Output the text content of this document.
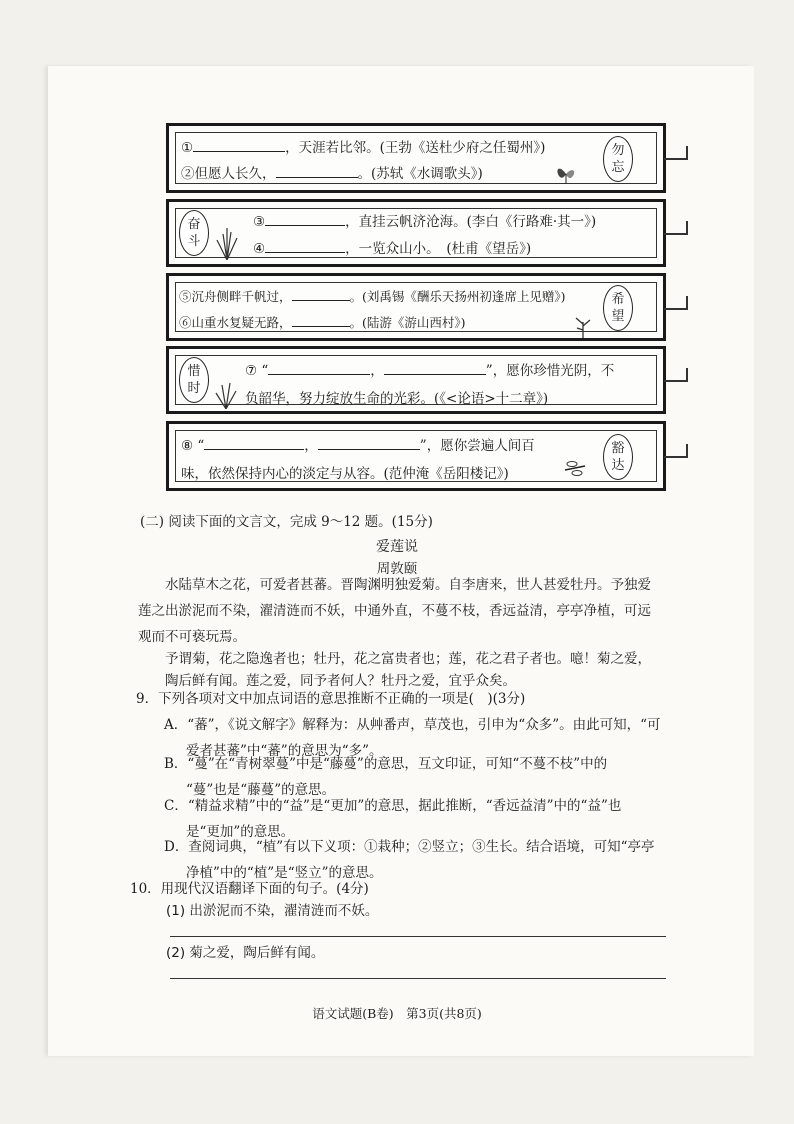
①	，天涯若比邻。(王勃《送杜少府之任蜀州》)
②但愿人长久，	。(苏轼《水调歌头》)
勿
忘
奋
斗
③	，直挂云帆济沧海。(李白《行路难·其一》)
④	，一览众山小。　(杜甫《望岳》)
⑤沉舟侧畔千帆过，	。(刘禹锡《酬乐天扬州初逢席上见赠》)
⑥山重水复疑无路，	。(陆游《游山西村》)
希
望
惜
时
⑦ “	，	”，愿你珍惜光阴，不
负韶华，努力绽放生命的光彩。(《<论语>十二章》)
⑧ “	，	”，愿你尝遍人间百
味，依然保持内心的淡定与从容。(范仲淹《岳阳楼记》)
豁
达
(二) 阅读下面的文言文，完成 9～12 题。(15分)
爱莲说
周敦颐
水陆草木之花，可爱者甚蕃。晋陶渊明独爱菊。自李唐来，世人甚爱牡丹。予独爱
莲之出淤泥而不染，濯清涟而不妖，中通外直，不蔓不枝，香远益清，亭亭净植，可远
观而不可亵玩焉。
予谓菊，花之隐逸者也；牡丹，花之富贵者也；莲，花之君子者也。噫！菊之爱，
陶后鲜有闻。莲之爱，同予者何人？牡丹之爱，宜乎众矣。
9．下列各项对文中加点词语的意思推断不正确的一项是(　)(3分)
A．“蕃”，《说文解字》解释为：从艸番声，草茂也，引申为“众多”。由此可知，“可
爱者甚蕃”中“蕃”的意思为“多”。
B．“蔓”在“青树翠蔓”中是“藤蔓”的意思，互文印证，可知“不蔓不枝”中的
“蔓”也是“藤蔓”的意思。
C．“精益求精”中的“益”是“更加”的意思，据此推断，“香远益清”中的“益”也
是“更加”的意思。
D．查阅词典，“植”有以下义项：①栽种；②竖立；③生长。结合语境，可知“亭亭
净植”中的“植”是“竖立”的意思。
10．用现代汉语翻译下面的句子。(4分)
(1) 出淤泥而不染，濯清涟而不妖。
(2) 菊之爱，陶后鲜有闻。
语文试题(B卷)　第3页(共8页)
